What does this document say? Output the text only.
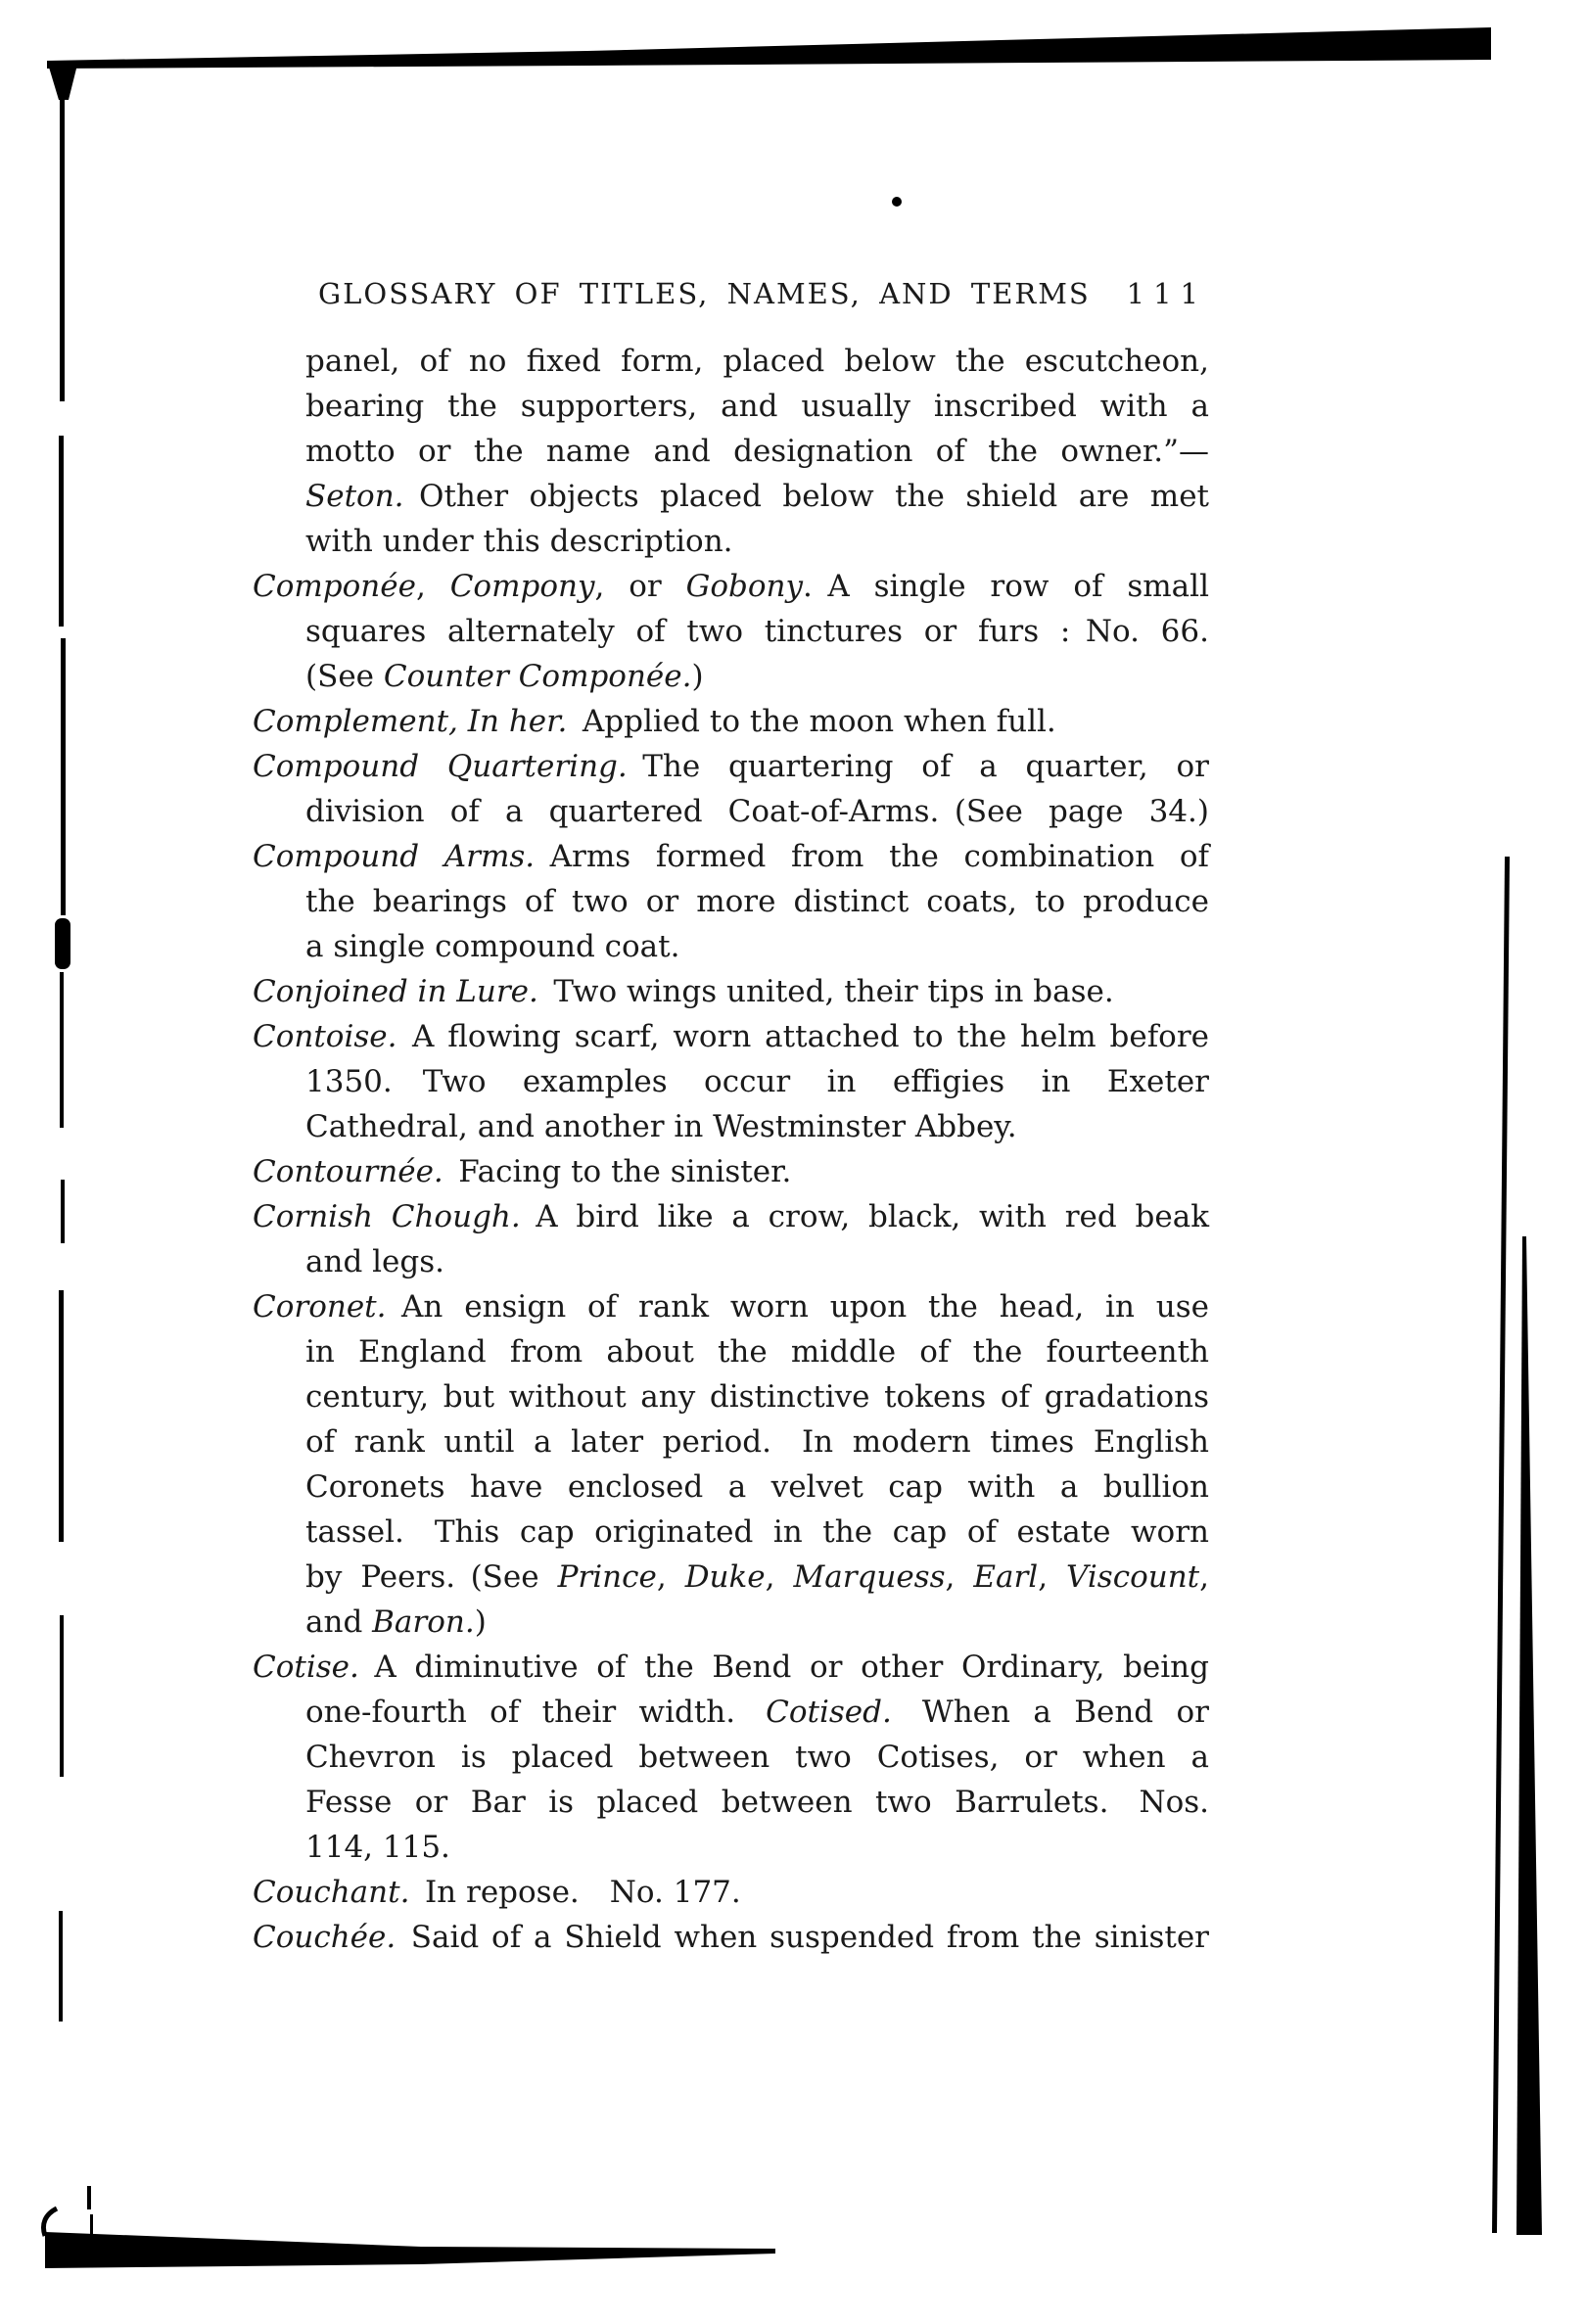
GLOSSARY OF TITLES, NAMES, AND TERMS 111
panel, of no fixed form, placed below the escutcheon,
bearing the supporters, and usually inscribed with a
motto or the name and designation of the owner.”—
Seton. Other objects placed below the shield are met
with under this description.
Componée, Compony, or Gobony. A single row of small
squares alternately of two tinctures or furs : No. 66.
(See Counter Componée.)
Complement, In her. Applied to the moon when full.
Compound Quartering. The quartering of a quarter, or
division of a quartered Coat-of-Arms. (See page 34.)
Compound Arms. Arms formed from the combination of
the bearings of two or more distinct coats, to produce
a single compound coat.
Conjoined in Lure. Two wings united, their tips in base.
Contoise. A flowing scarf, worn attached to the helm before
1350.  Two examples occur in effigies in Exeter
Cathedral, and another in Westminster Abbey.
Contournée. Facing to the sinister.
Cornish Chough. A bird like a crow, black, with red beak
and legs.
Coronet. An ensign of rank worn upon the head, in use
in England from about the middle of the fourteenth
century, but without any distinctive tokens of gradations
of rank until a later period.  In modern times English
Coronets have enclosed a velvet cap with a bullion
tassel.  This cap originated in the cap of estate worn
by Peers. (See Prince, Duke, Marquess, Earl, Viscount,
and Baron.)
Cotise. A diminutive of the Bend or other Ordinary, being
one-fourth of their width.  Cotised.  When a Bend or
Chevron is placed between two Cotises, or when a
Fesse or Bar is placed between two Barrulets.  Nos.
114, 115.
Couchant. In repose.  No. 177.
Couchée. Said of a Shield when suspended from the sinister
